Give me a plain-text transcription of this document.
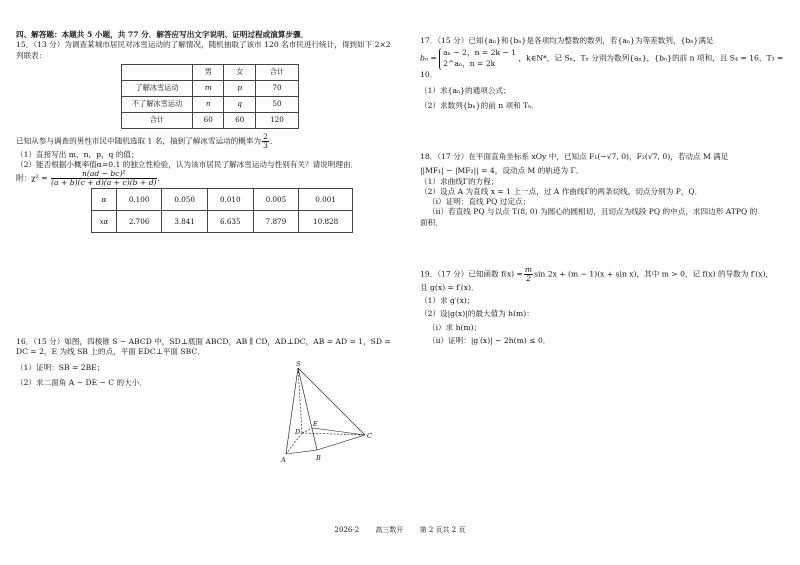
四、解答题：本题共 5 小题，共 77 分．解答应写出文字说明、证明过程或演算步骤．

15．（13 分）为调查某城市居民对冰雪运动的了解情况，随机抽取了该市 120 名市民进行统计，得到如下 2×2 列联表：

	男	女	合计
了解冰雪运动	m	p	70
不了解冰雪运动	n	q	50
合计	60	60	120

已知从参与调查的男性市民中随机选取 1 名，抽到了解冰雪运动的概率为 $\frac{2}{3}$ ．

（1）直接写出 m，n，p，q 的值；

（2）能否根据小概率值α=0.1 的独立性检验，认为该市居民了解冰雪运动与性别有关？请说明理由．

附：$\chi^2 = \frac{\text{n(ad − bc)²}}{(a + b)(c + d)(a + c)(b + d)}$ ．

α	0.100	0.050	0.010	0.005	0.001
xα	2.706	3.841	6.635	7.879	10.828

16．（15 分）如图，四棱锥 S − ABCD 中，SD⊥底面 ABCD，AB ∥ CD，AD⊥DC，AB = AD = 1，SD = DC = 2，E 为线 SB 上的点，平面 EDC⊥平面 SBC．

（1）证明：SB = 2BE；

（2）求二面角 A − DE − C 的大小．

S
A	B
C
D
E

17．（15 分）已知{aₙ}和{bₙ}是各项均为整数的数列，若{aₙ}为等差数列，{bₙ}满足

bₙ =
aₙ − 2，n = 2k − 1
2^aₙ，n = 2k
，k∈N*，记 Sₙ，Tₙ 分别为数列{aₙ}，{bₙ}的前 n 项和，且 S₄ = 16，T₃ = 10．

（1）求{aₙ}的通项公式；

（2）求数列{bₙ}的前 n 项和 Tₙ．

18．（17 分）在平面直角坐标系 xOy 中，已知点 F₁(−√7, 0)，F₂(√7, 0)，若动点 M 满足

||MF₁| − |MF₂|| = 4，设动点 M 的轨迹为 Γ．

（1）求曲线Γ的方程；

（2）设点 A 为直线 x = 1 上一点，过 A 作曲线Γ的两条切线，切点分别为 P，Q．

（i）证明：直线 PQ 过定点；

（ii）若直线 PQ 与以点 T(8, 0) 为圆心的圆相切，且切点为线段 PQ 的中点，求四边形 ATPQ 的

面积．

19．（17 分）已知函数 $f(x) = \frac{m}{2}$ sin 2x + (m − 1)(x + sin x)，其中 m > 0，记 f(x) 的导数为 f′(x)，

且 g(x) = f′(x)．

（1）求 g′(x)；

（2）设|g(x)|的最大值为 h(m)：

（i）求 h(m)；

（ii）证明：|g′(x)| − 2h(m) ≤ 0．

2026-2 高三数开 第 2 页共 2 页
